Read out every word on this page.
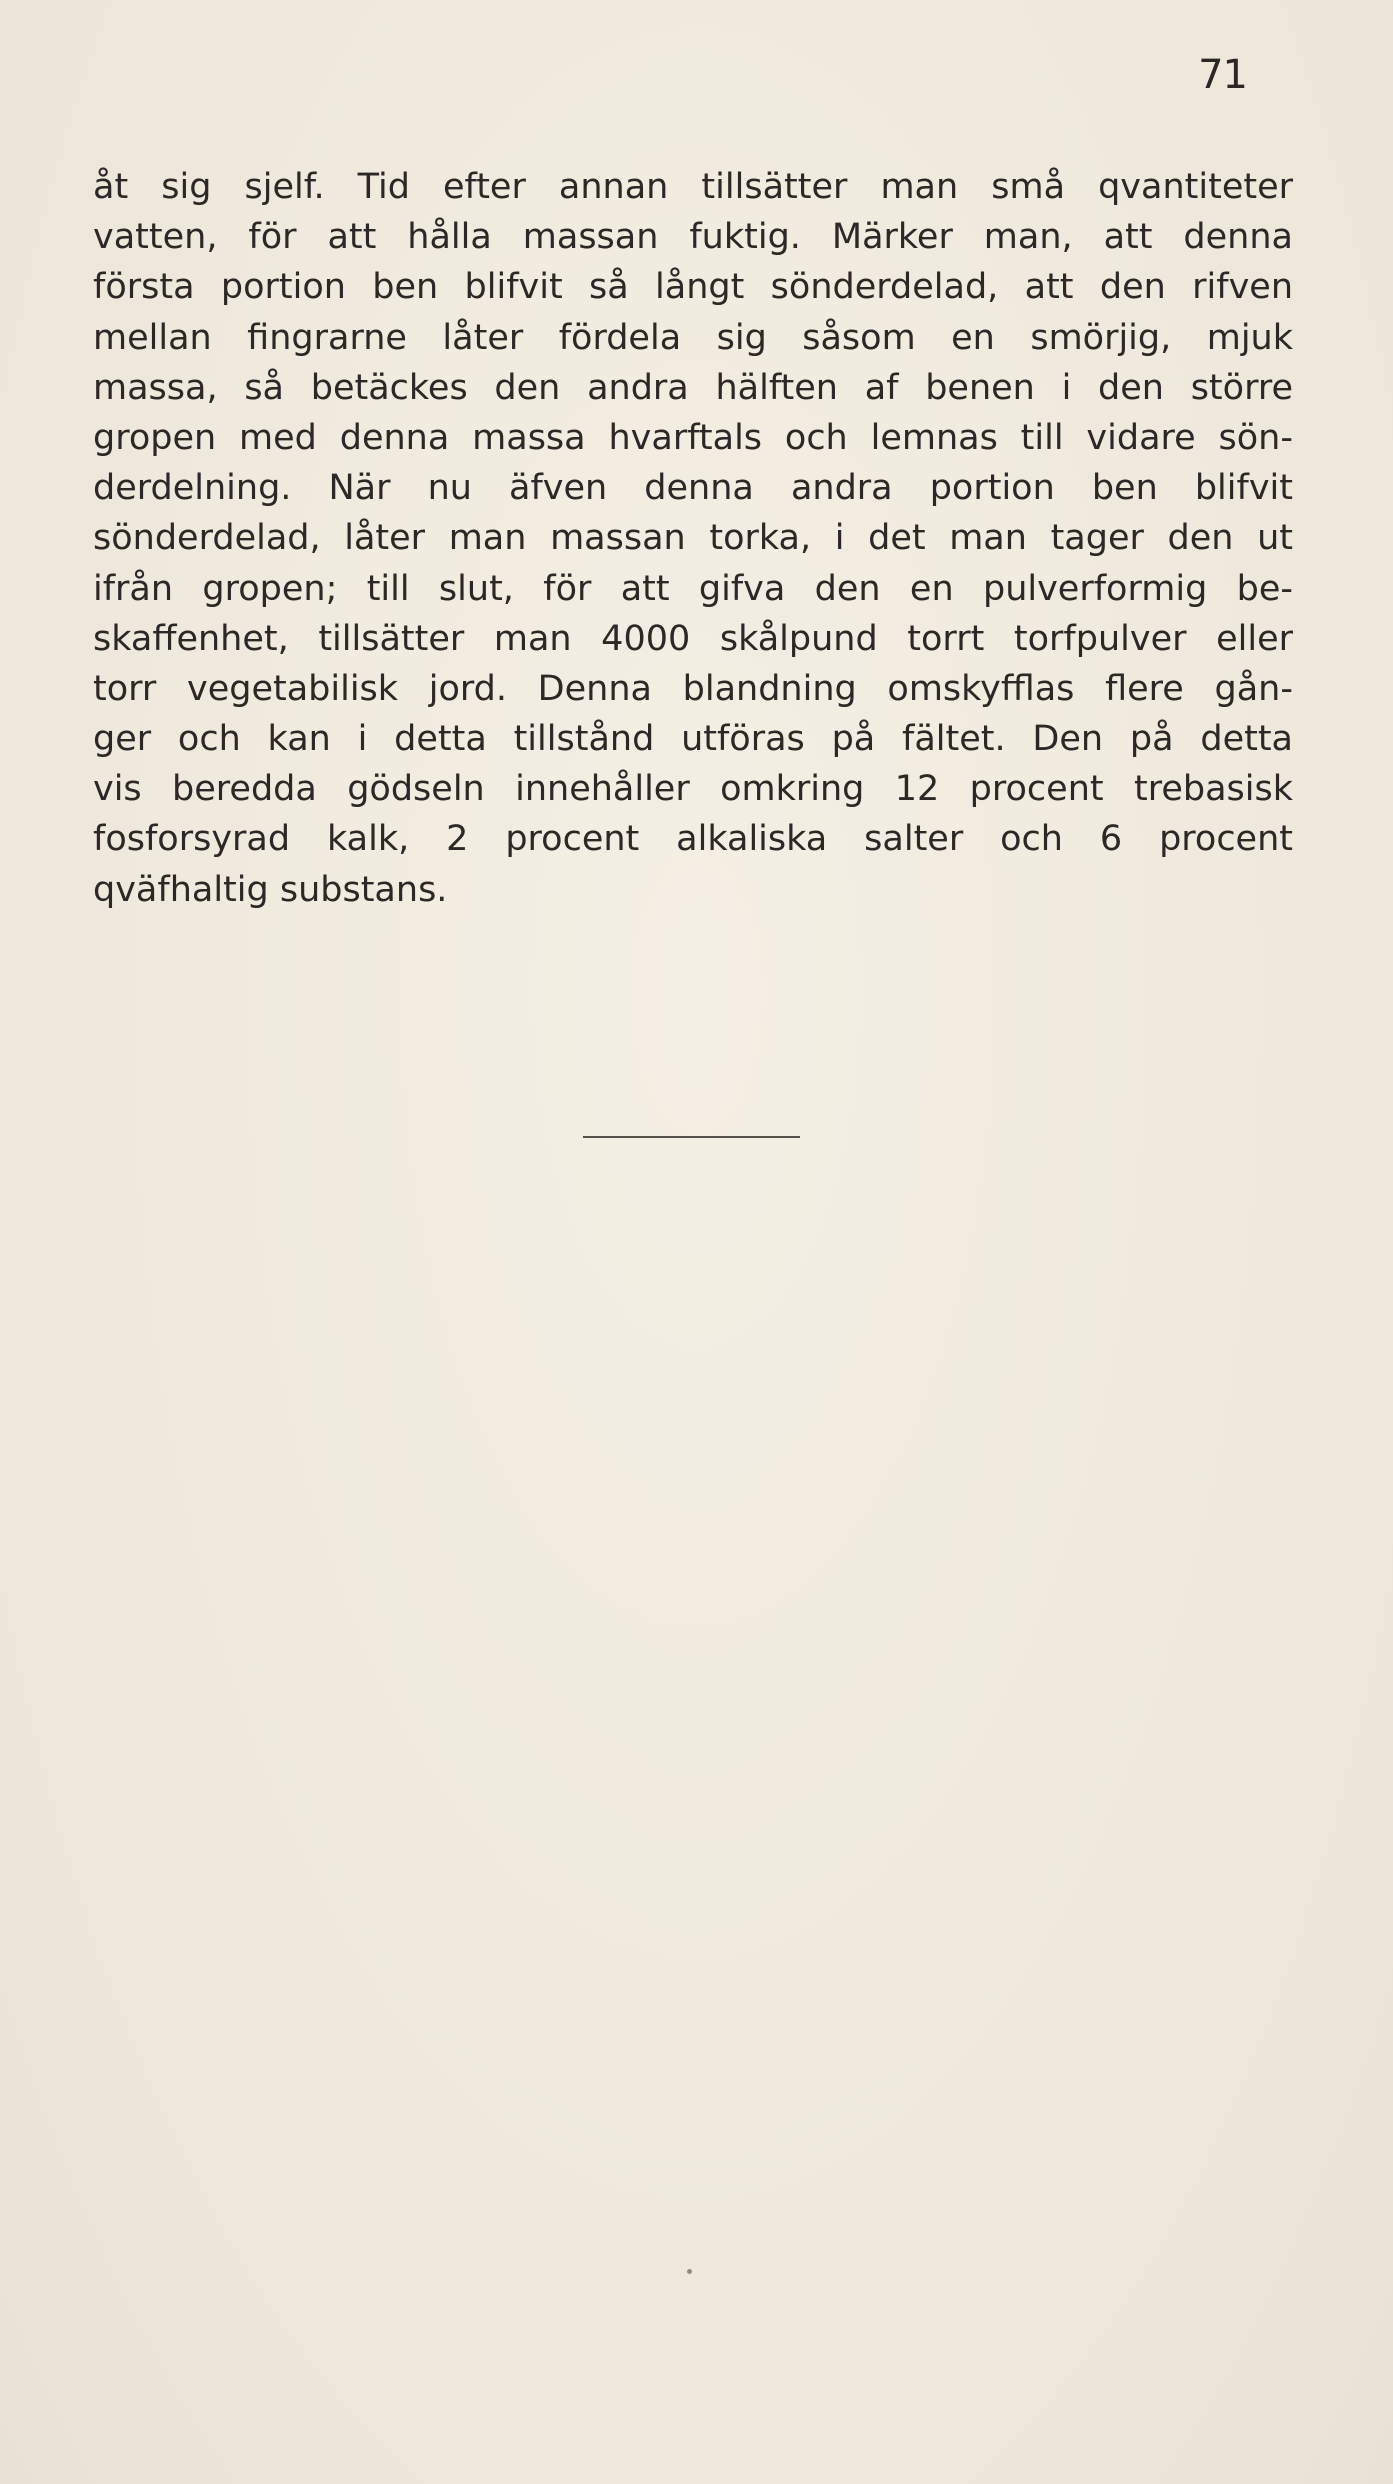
71
åt sig sjelf. Tid efter annan tillsätter man små qvantiteter
vatten, för att hålla massan fuktig. Märker man, att denna
första portion ben blifvit så långt sönderdelad, att den rifven
mellan fingrarne låter fördela sig såsom en smörjig, mjuk
massa, så betäckes den andra hälften af benen i den större
gropen med denna massa hvarftals och lemnas till vidare sön-
derdelning. När nu äfven denna andra portion ben blifvit
sönderdelad, låter man massan torka, i det man tager den ut
ifrån gropen; till slut, för att gifva den en pulverformig be-
skaffenhet, tillsätter man 4000 skålpund torrt torfpulver eller
torr vegetabilisk jord. Denna blandning omskyfflas flere gån-
ger och kan i detta tillstånd utföras på fältet. Den på detta
vis beredda gödseln innehåller omkring 12 procent trebasisk
fosforsyrad kalk, 2 procent alkaliska salter och 6 procent
qväfhaltig substans.
